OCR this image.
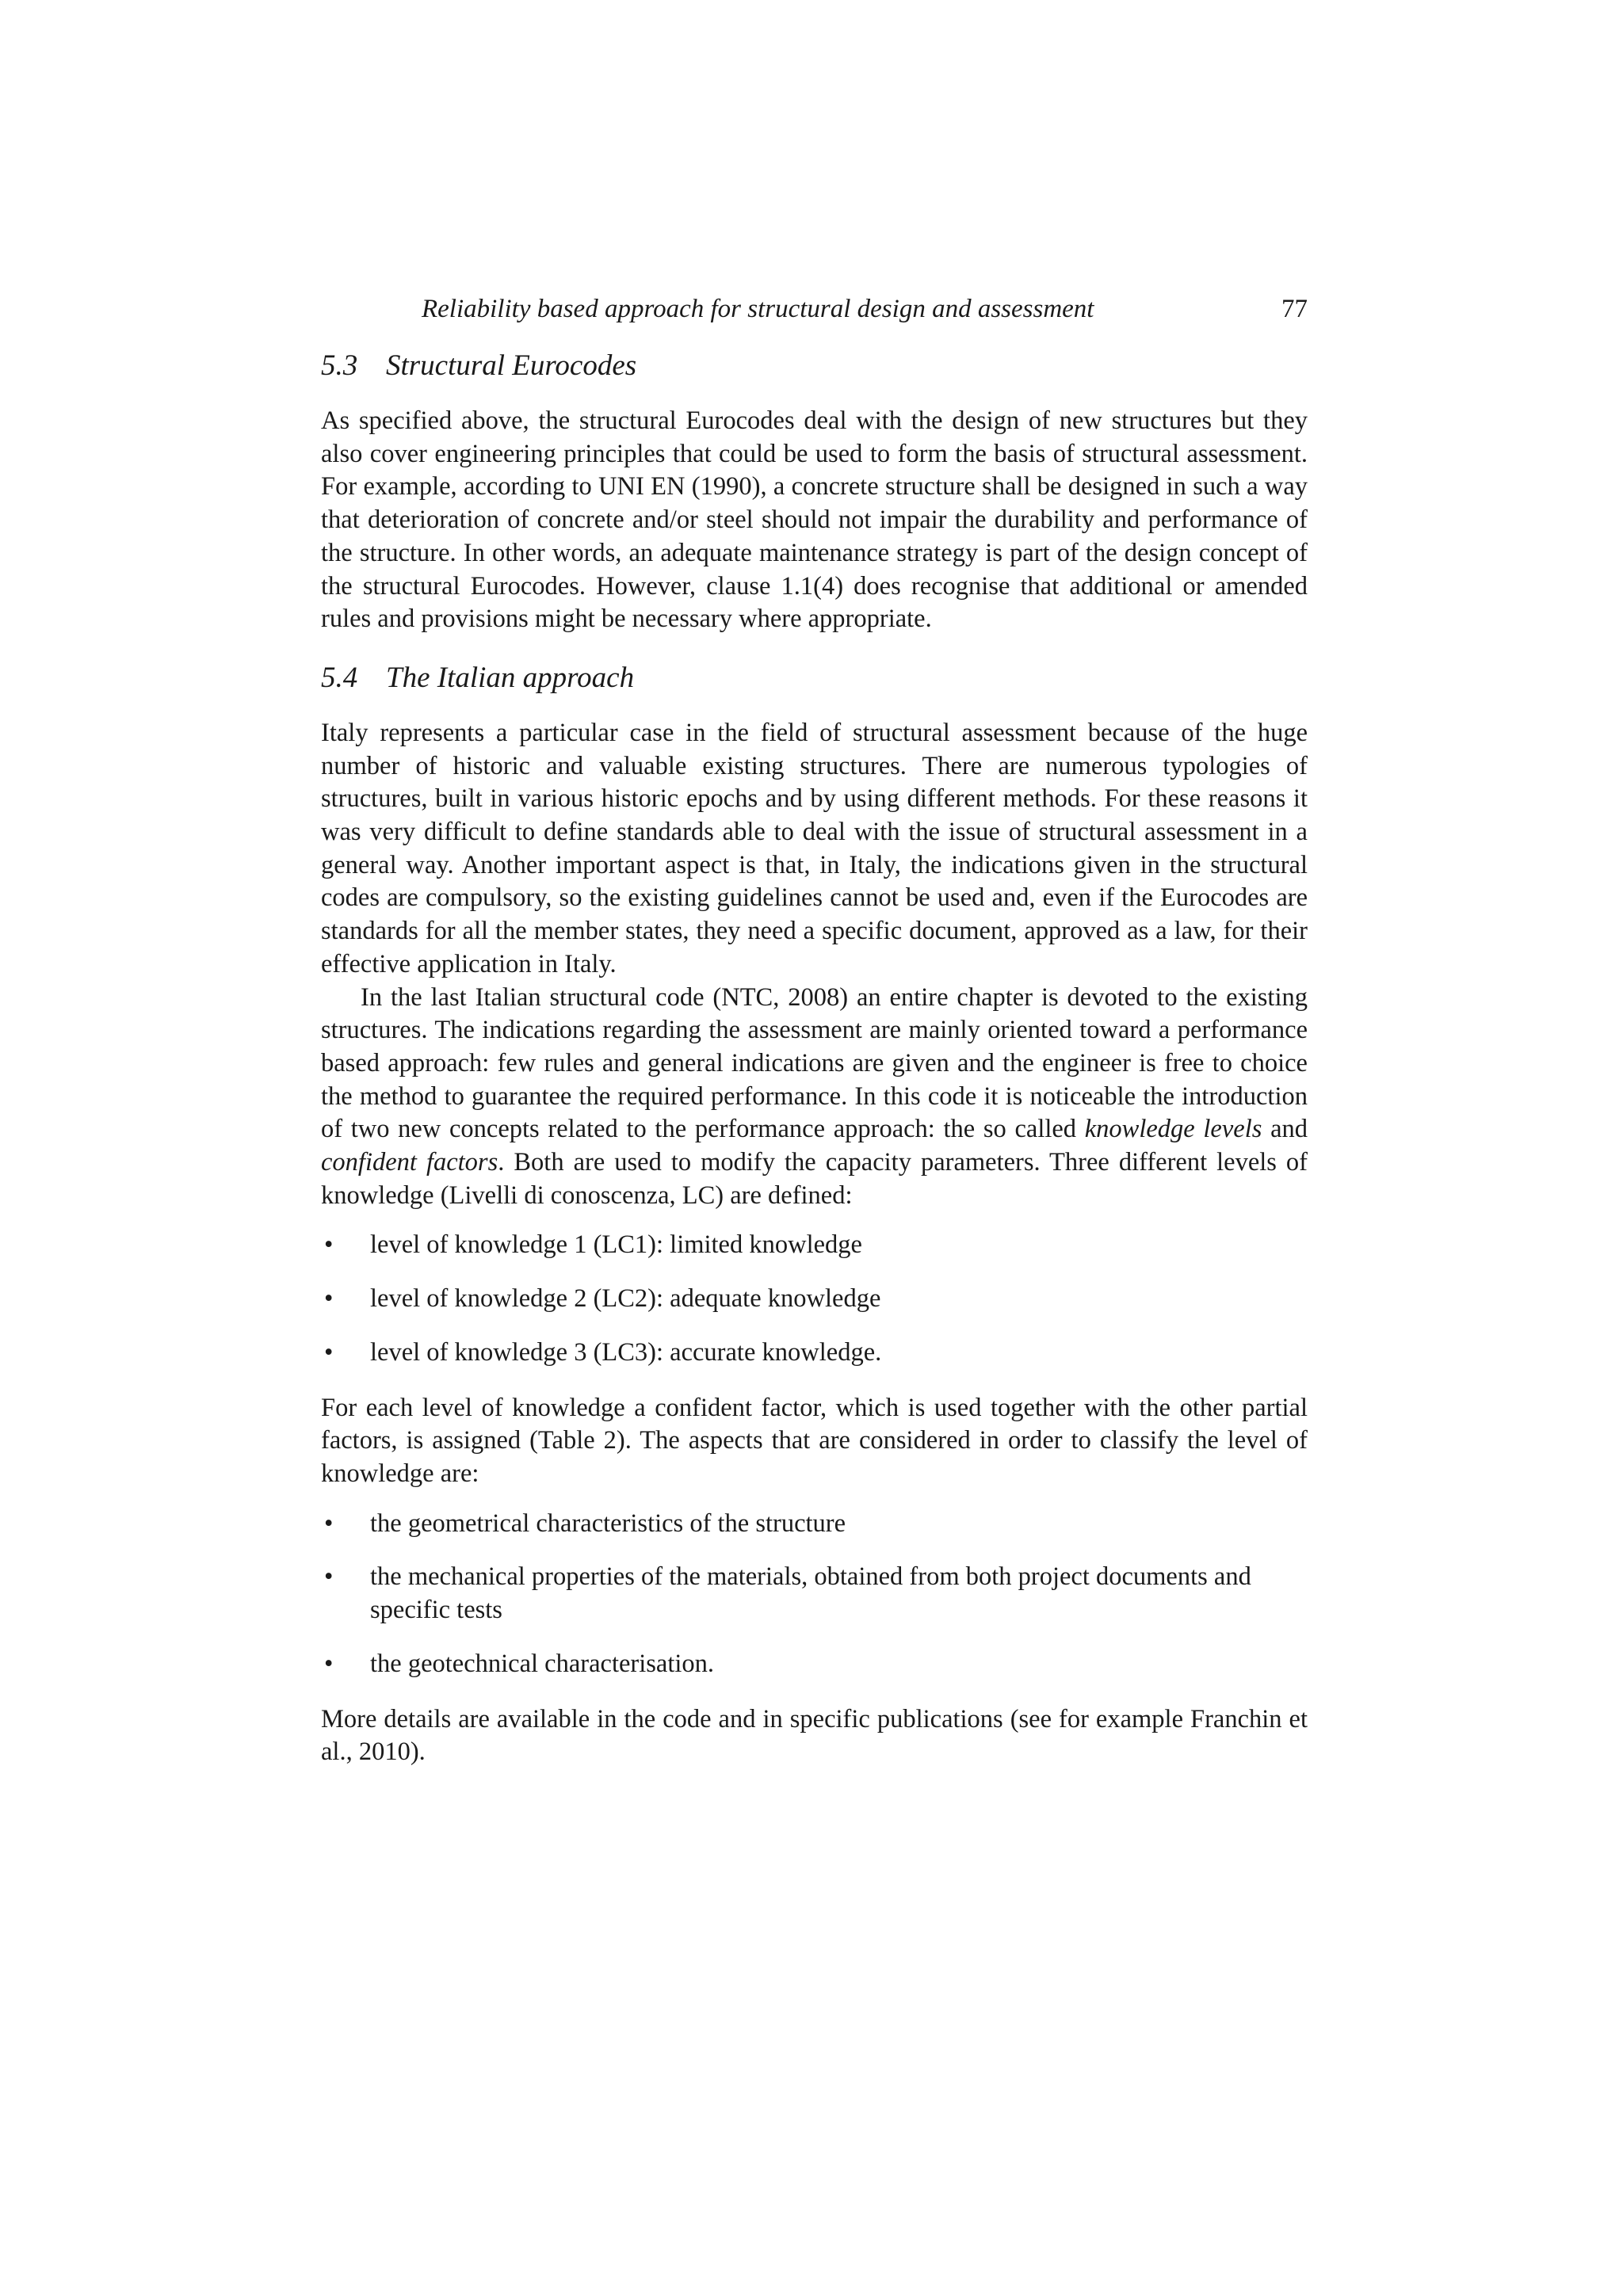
Reliability based approach for structural design and assessment	77
5.3 Structural Eurocodes

As specified above, the structural Eurocodes deal with the design of new structures but they also cover engineering principles that could be used to form the basis of structural assessment. For example, according to UNI EN (1990), a concrete structure shall be designed in such a way that deterioration of concrete and/or steel should not impair the durability and performance of the structure. In other words, an adequate maintenance strategy is part of the design concept of the structural Eurocodes. However, clause 1.1(4) does recognise that additional or amended rules and provisions might be necessary where appropriate.

5.4 The Italian approach

Italy represents a particular case in the field of structural assessment because of the huge number of historic and valuable existing structures. There are numerous typologies of structures, built in various historic epochs and by using different methods. For these reasons it was very difficult to define standards able to deal with the issue of structural assessment in a general way. Another important aspect is that, in Italy, the indications given in the structural codes are compulsory, so the existing guidelines cannot be used and, even if the Eurocodes are standards for all the member states, they need a specific document, approved as a law, for their effective application in Italy.

In the last Italian structural code (NTC, 2008) an entire chapter is devoted to the existing structures. The indications regarding the assessment are mainly oriented toward a performance based approach: few rules and general indications are given and the engineer is free to choice the method to guarantee the required performance. In this code it is noticeable the introduction of two new concepts related to the performance approach: the so called knowledge levels and confident factors. Both are used to modify the capacity parameters. Three different levels of knowledge (Livelli di conoscenza, LC) are defined:

• level of knowledge 1 (LC1): limited knowledge
• level of knowledge 2 (LC2): adequate knowledge
• level of knowledge 3 (LC3): accurate knowledge.

For each level of knowledge a confident factor, which is used together with the other partial factors, is assigned (Table 2). The aspects that are considered in order to classify the level of knowledge are:

• the geometrical characteristics of the structure
• the mechanical properties of the materials, obtained from both project documents and specific tests
• the geotechnical characterisation.

More details are available in the code and in specific publications (see for example Franchin et al., 2010).
